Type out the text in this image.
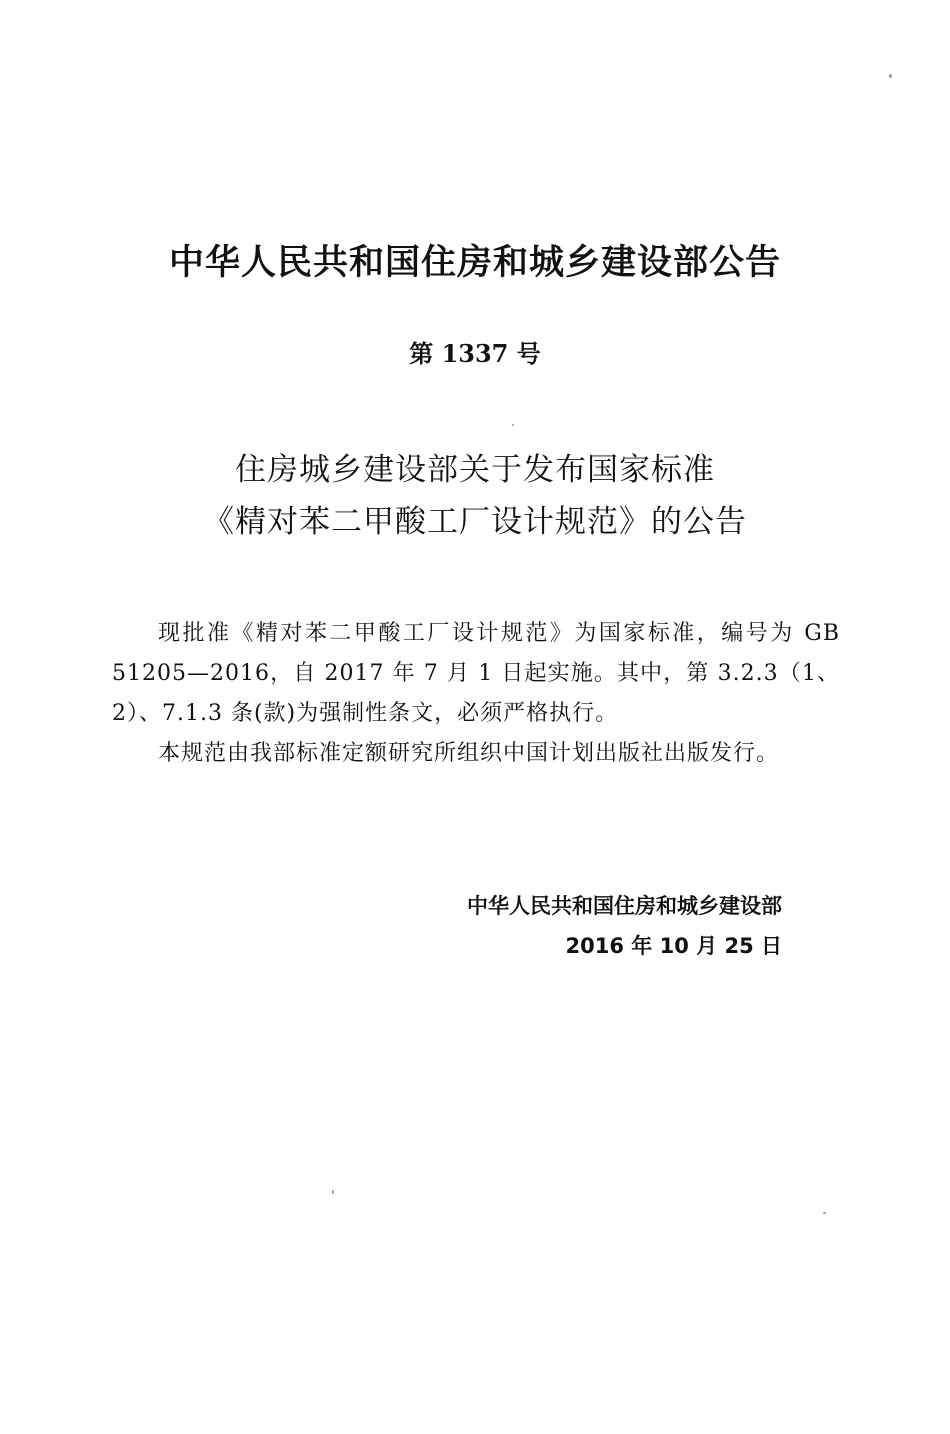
中华人民共和国住房和城乡建设部公告
第 1337 号
住房城乡建设部关于发布国家标准
《精对苯二甲酸工厂设计规范》的公告

现批准《精对苯二甲酸工厂设计规范》为国家标准，编号为 GB 51205—2016，自 2017 年 7 月 1 日起实施。其中，第 3.2.3（1、2）、7.1.3 条(款)为强制性条文，必须严格执行。

本规范由我部标准定额研究所组织中国计划出版社出版发行。

中华人民共和国住房和城乡建设部
2016 年 10 月 25 日
